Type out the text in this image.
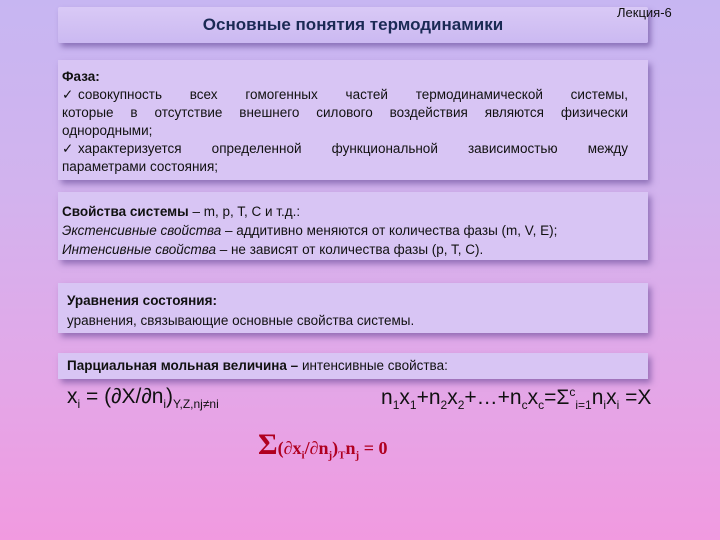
Основные понятия термодинамики
Лекция-6
Фаза:
✓ совокупность всех гомогенных частей термодинамической системы,
которые в отсутствие внешнего силового воздействия являются физически
однородными;
✓ характеризуется определенной функциональной зависимостью между
параметрами состояния;
Свойства системы – m, p, T, C и т.д.:
Экстенсивные свойства – аддитивно меняются от количества фазы (m, V, E);
Интенсивные свойства – не зависят от количества фазы (p, T, C).
Уравнения состояния:
уравнения, связывающие основные свойства системы.
Парциальная мольная величина – интенсивные свойства:
$x_i = (\partial X/\partial n_i)_{Y,Z,nj\ne ni}$	$n_1x_1+n_2x_2+\dots+n_cx_c=\Sigma^c_{i=1}n_ix_i =X$
$\Sigma(\partial x_i/\partial n_j)_Tn_j = 0$
